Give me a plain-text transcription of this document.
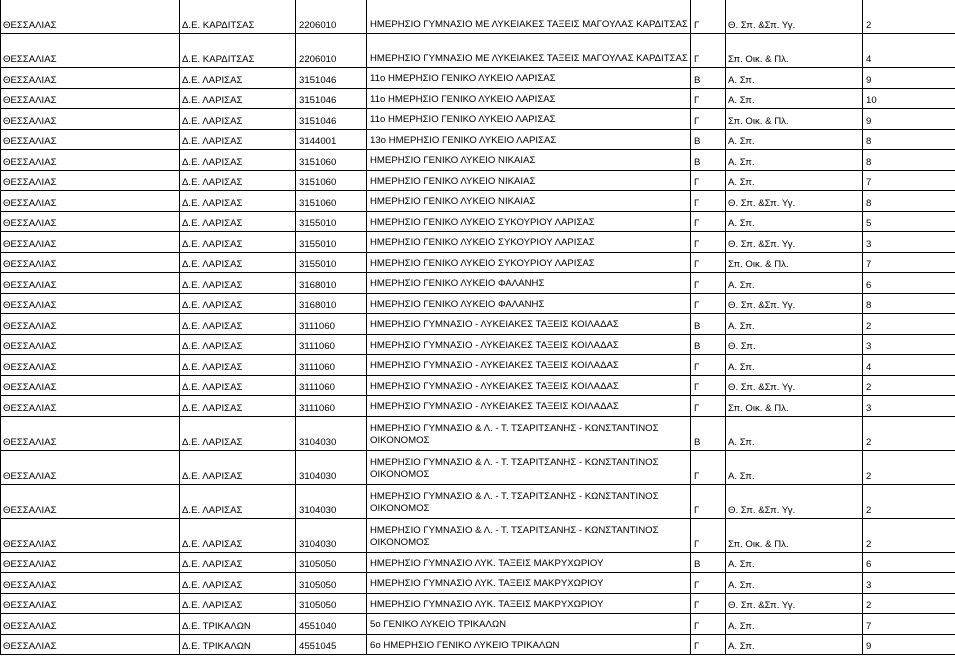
ΘΕΣΣΑΛΙΑΣ	Δ.Ε. ΚΑΡΔΙΤΣΑΣ	2206010	ΗΜΕΡΗΣΙΟ ΓΥΜΝΑΣΙΟ ΜΕ ΛΥΚΕΙΑΚΕΣ ΤΑΞΕΙΣ ΜΑΓΟΥΛΑΣ ΚΑΡΔΙΤΣΑΣ	Γ	Θ. Σπ. &Σπ. Υγ.	2
ΘΕΣΣΑΛΙΑΣ	Δ.Ε. ΚΑΡΔΙΤΣΑΣ	2206010	ΗΜΕΡΗΣΙΟ ΓΥΜΝΑΣΙΟ ΜΕ ΛΥΚΕΙΑΚΕΣ ΤΑΞΕΙΣ ΜΑΓΟΥΛΑΣ ΚΑΡΔΙΤΣΑΣ	Γ	Σπ. Οικ. & Πλ.	4
ΘΕΣΣΑΛΙΑΣ	Δ.Ε. ΛΑΡΙΣΑΣ	3151046	11ο ΗΜΕΡΗΣΙΟ ΓΕΝΙΚΟ ΛΥΚΕΙΟ ΛΑΡΙΣΑΣ	Β	Α. Σπ.	9
ΘΕΣΣΑΛΙΑΣ	Δ.Ε. ΛΑΡΙΣΑΣ	3151046	11ο ΗΜΕΡΗΣΙΟ ΓΕΝΙΚΟ ΛΥΚΕΙΟ ΛΑΡΙΣΑΣ	Γ	Α. Σπ.	10
ΘΕΣΣΑΛΙΑΣ	Δ.Ε. ΛΑΡΙΣΑΣ	3151046	11ο ΗΜΕΡΗΣΙΟ ΓΕΝΙΚΟ ΛΥΚΕΙΟ ΛΑΡΙΣΑΣ	Γ	Σπ. Οικ. & Πλ.	9
ΘΕΣΣΑΛΙΑΣ	Δ.Ε. ΛΑΡΙΣΑΣ	3144001	13ο ΗΜΕΡΗΣΙΟ ΓΕΝΙΚΟ ΛΥΚΕΙΟ ΛΑΡΙΣΑΣ	Β	Α. Σπ.	8
ΘΕΣΣΑΛΙΑΣ	Δ.Ε. ΛΑΡΙΣΑΣ	3151060	ΗΜΕΡΗΣΙΟ ΓΕΝΙΚΟ ΛΥΚΕΙΟ ΝΙΚΑΙΑΣ	Β	Α. Σπ.	8
ΘΕΣΣΑΛΙΑΣ	Δ.Ε. ΛΑΡΙΣΑΣ	3151060	ΗΜΕΡΗΣΙΟ ΓΕΝΙΚΟ ΛΥΚΕΙΟ ΝΙΚΑΙΑΣ	Γ	Α. Σπ.	7
ΘΕΣΣΑΛΙΑΣ	Δ.Ε. ΛΑΡΙΣΑΣ	3151060	ΗΜΕΡΗΣΙΟ ΓΕΝΙΚΟ ΛΥΚΕΙΟ ΝΙΚΑΙΑΣ	Γ	Θ. Σπ. &Σπ. Υγ.	8
ΘΕΣΣΑΛΙΑΣ	Δ.Ε. ΛΑΡΙΣΑΣ	3155010	ΗΜΕΡΗΣΙΟ ΓΕΝΙΚΟ ΛΥΚΕΙΟ ΣΥΚΟΥΡΙΟΥ ΛΑΡΙΣΑΣ	Γ	Α. Σπ.	5
ΘΕΣΣΑΛΙΑΣ	Δ.Ε. ΛΑΡΙΣΑΣ	3155010	ΗΜΕΡΗΣΙΟ ΓΕΝΙΚΟ ΛΥΚΕΙΟ ΣΥΚΟΥΡΙΟΥ ΛΑΡΙΣΑΣ	Γ	Θ. Σπ. &Σπ. Υγ.	3
ΘΕΣΣΑΛΙΑΣ	Δ.Ε. ΛΑΡΙΣΑΣ	3155010	ΗΜΕΡΗΣΙΟ ΓΕΝΙΚΟ ΛΥΚΕΙΟ ΣΥΚΟΥΡΙΟΥ ΛΑΡΙΣΑΣ	Γ	Σπ. Οικ. & Πλ.	7
ΘΕΣΣΑΛΙΑΣ	Δ.Ε. ΛΑΡΙΣΑΣ	3168010	ΗΜΕΡΗΣΙΟ ΓΕΝΙΚΟ ΛΥΚΕΙΟ ΦΑΛΑΝΗΣ	Γ	Α. Σπ.	6
ΘΕΣΣΑΛΙΑΣ	Δ.Ε. ΛΑΡΙΣΑΣ	3168010	ΗΜΕΡΗΣΙΟ ΓΕΝΙΚΟ ΛΥΚΕΙΟ ΦΑΛΑΝΗΣ	Γ	Θ. Σπ. &Σπ. Υγ.	8
ΘΕΣΣΑΛΙΑΣ	Δ.Ε. ΛΑΡΙΣΑΣ	3111060	ΗΜΕΡΗΣΙΟ ΓΥΜΝΑΣΙΟ - ΛΥΚΕΙΑΚΕΣ ΤΑΞΕΙΣ ΚΟΙΛΑΔΑΣ	Β	Α. Σπ.	2
ΘΕΣΣΑΛΙΑΣ	Δ.Ε. ΛΑΡΙΣΑΣ	3111060	ΗΜΕΡΗΣΙΟ ΓΥΜΝΑΣΙΟ - ΛΥΚΕΙΑΚΕΣ ΤΑΞΕΙΣ ΚΟΙΛΑΔΑΣ	Β	Θ. Σπ.	3
ΘΕΣΣΑΛΙΑΣ	Δ.Ε. ΛΑΡΙΣΑΣ	3111060	ΗΜΕΡΗΣΙΟ ΓΥΜΝΑΣΙΟ - ΛΥΚΕΙΑΚΕΣ ΤΑΞΕΙΣ ΚΟΙΛΑΔΑΣ	Γ	Α. Σπ.	4
ΘΕΣΣΑΛΙΑΣ	Δ.Ε. ΛΑΡΙΣΑΣ	3111060	ΗΜΕΡΗΣΙΟ ΓΥΜΝΑΣΙΟ - ΛΥΚΕΙΑΚΕΣ ΤΑΞΕΙΣ ΚΟΙΛΑΔΑΣ	Γ	Θ. Σπ. &Σπ. Υγ.	2
ΘΕΣΣΑΛΙΑΣ	Δ.Ε. ΛΑΡΙΣΑΣ	3111060	ΗΜΕΡΗΣΙΟ ΓΥΜΝΑΣΙΟ - ΛΥΚΕΙΑΚΕΣ ΤΑΞΕΙΣ ΚΟΙΛΑΔΑΣ	Γ	Σπ. Οικ. & Πλ.	3
ΘΕΣΣΑΛΙΑΣ	Δ.Ε. ΛΑΡΙΣΑΣ	3104030	ΗΜΕΡΗΣΙΟ ΓΥΜΝΑΣΙΟ & Λ. - Τ. ΤΣΑΡΙΤΣΑΝΗΣ - ΚΩΝΣΤΑΝΤΙΝΟΣ ΟΙΚΟΝΟΜΟΣ	Β	Α. Σπ.	2
ΘΕΣΣΑΛΙΑΣ	Δ.Ε. ΛΑΡΙΣΑΣ	3104030	ΗΜΕΡΗΣΙΟ ΓΥΜΝΑΣΙΟ & Λ. - Τ. ΤΣΑΡΙΤΣΑΝΗΣ - ΚΩΝΣΤΑΝΤΙΝΟΣ ΟΙΚΟΝΟΜΟΣ	Γ	Α. Σπ.	2
ΘΕΣΣΑΛΙΑΣ	Δ.Ε. ΛΑΡΙΣΑΣ	3104030	ΗΜΕΡΗΣΙΟ ΓΥΜΝΑΣΙΟ & Λ. - Τ. ΤΣΑΡΙΤΣΑΝΗΣ - ΚΩΝΣΤΑΝΤΙΝΟΣ ΟΙΚΟΝΟΜΟΣ	Γ	Θ. Σπ. &Σπ. Υγ.	2
ΘΕΣΣΑΛΙΑΣ	Δ.Ε. ΛΑΡΙΣΑΣ	3104030	ΗΜΕΡΗΣΙΟ ΓΥΜΝΑΣΙΟ & Λ. - Τ. ΤΣΑΡΙΤΣΑΝΗΣ - ΚΩΝΣΤΑΝΤΙΝΟΣ ΟΙΚΟΝΟΜΟΣ	Γ	Σπ. Οικ. & Πλ.	2
ΘΕΣΣΑΛΙΑΣ	Δ.Ε. ΛΑΡΙΣΑΣ	3105050	ΗΜΕΡΗΣΙΟ ΓΥΜΝΑΣΙΟ ΛΥΚ. ΤΑΞΕΙΣ ΜΑΚΡΥΧΩΡΙΟΥ	Β	Α. Σπ.	6
ΘΕΣΣΑΛΙΑΣ	Δ.Ε. ΛΑΡΙΣΑΣ	3105050	ΗΜΕΡΗΣΙΟ ΓΥΜΝΑΣΙΟ ΛΥΚ. ΤΑΞΕΙΣ ΜΑΚΡΥΧΩΡΙΟΥ	Γ	Α. Σπ.	3
ΘΕΣΣΑΛΙΑΣ	Δ.Ε. ΛΑΡΙΣΑΣ	3105050	ΗΜΕΡΗΣΙΟ ΓΥΜΝΑΣΙΟ ΛΥΚ. ΤΑΞΕΙΣ ΜΑΚΡΥΧΩΡΙΟΥ	Γ	Θ. Σπ. &Σπ. Υγ.	2
ΘΕΣΣΑΛΙΑΣ	Δ.Ε. ΤΡΙΚΑΛΩΝ	4551040	5ο ΓΕΝΙΚΟ ΛΥΚΕΙΟ ΤΡΙΚΑΛΩΝ	Γ	Α. Σπ.	7
ΘΕΣΣΑΛΙΑΣ	Δ.Ε. ΤΡΙΚΑΛΩΝ	4551045	6ο ΗΜΕΡΗΣΙΟ ΓΕΝΙΚΟ ΛΥΚΕΙΟ ΤΡΙΚΑΛΩΝ	Γ	Α. Σπ.	9
